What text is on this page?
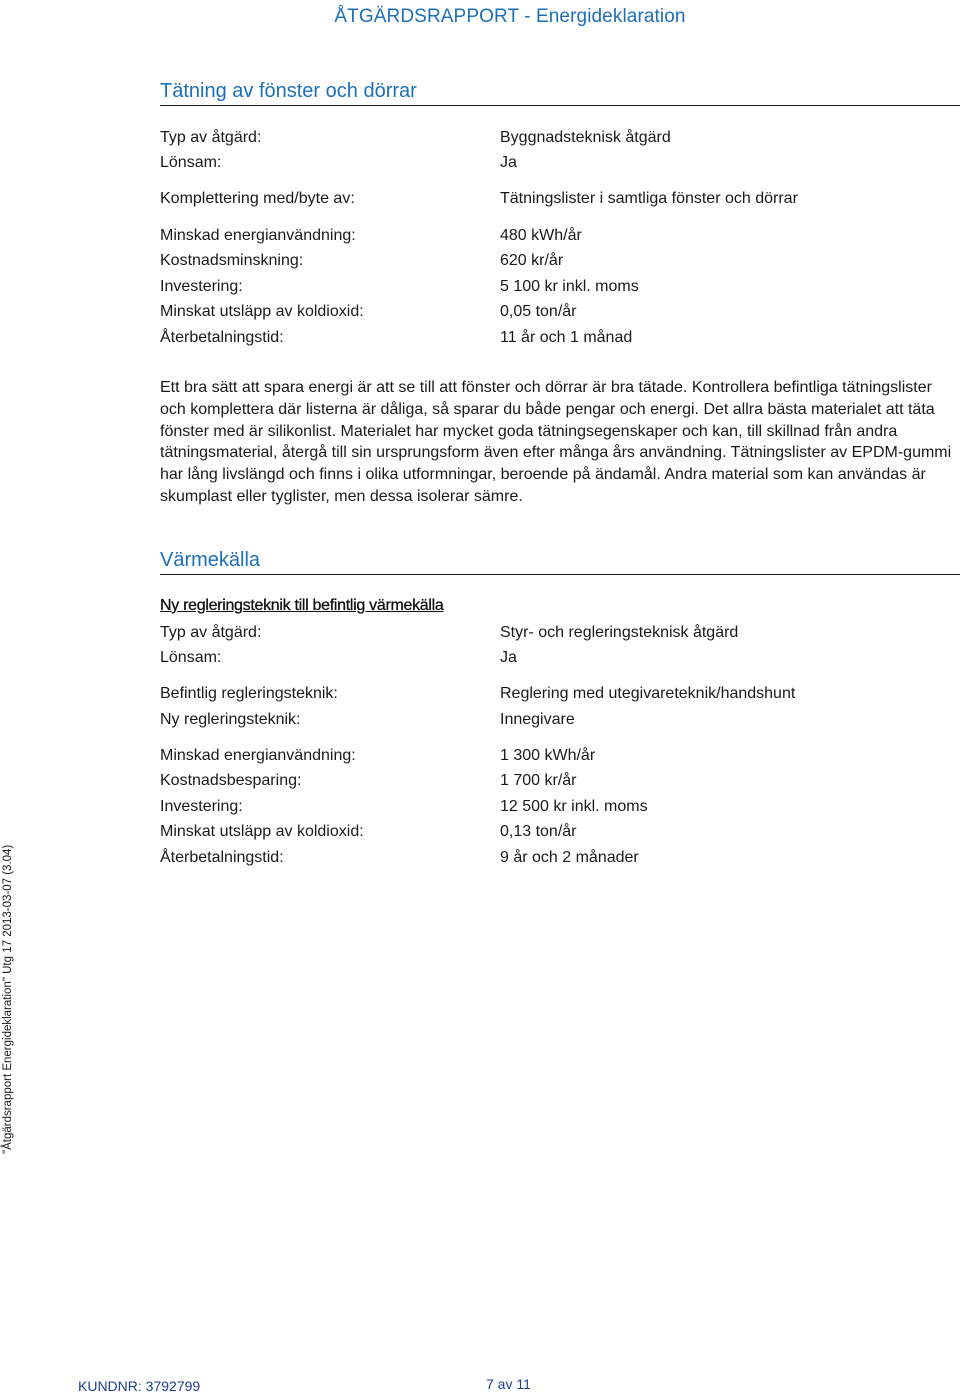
ÅTGÄRDSRAPPORT - Energideklaration
Tätning av fönster och dörrar
Typ av åtgärd:	Byggnadsteknisk åtgärd
Lönsam:	Ja
Komplettering med/byte av:	Tätningslister i samtliga fönster och dörrar
Minskad energianvändning:	480 kWh/år
Kostnadsminskning:	620 kr/år
Investering:	5 100 kr inkl. moms
Minskat utsläpp av koldioxid:	0,05 ton/år
Återbetalningstid:	11 år och 1 månad
Ett bra sätt att spara energi är att se till att fönster och dörrar är bra tätade. Kontrollera befintliga tätningslister och komplettera där listerna är dåliga, så sparar du både pengar och energi. Det allra bästa materialet att täta fönster med är silikonlist. Materialet har mycket goda tätningsegenskaper och kan, till skillnad från andra tätningsmaterial, återgå till sin ursprungsform även efter många års användning. Tätningslister av EPDM-gummi har lång livslängd och finns i olika utformningar, beroende på ändamål. Andra material som kan användas är skumplast eller tyglister, men dessa isolerar sämre.
Värmekälla
Ny regleringsteknik till befintlig värmekälla
Typ av åtgärd:	Styr- och regleringsteknisk åtgärd
Lönsam:	Ja
Befintlig regleringsteknik:	Reglering med utegivareteknik/handshunt
Ny regleringsteknik:	Innegivare
Minskad energianvändning:	1 300 kWh/år
Kostnadsbesparing:	1 700 kr/år
Investering:	12 500 kr inkl. moms
Minskat utsläpp av koldioxid:	0,13 ton/år
Återbetalningstid:	9 år och 2 månader
"Åtgärdsrapport Energideklaration" Utg 17 2013-03-07 (3.04)
KUNDNR: 3792799	7 av 11
